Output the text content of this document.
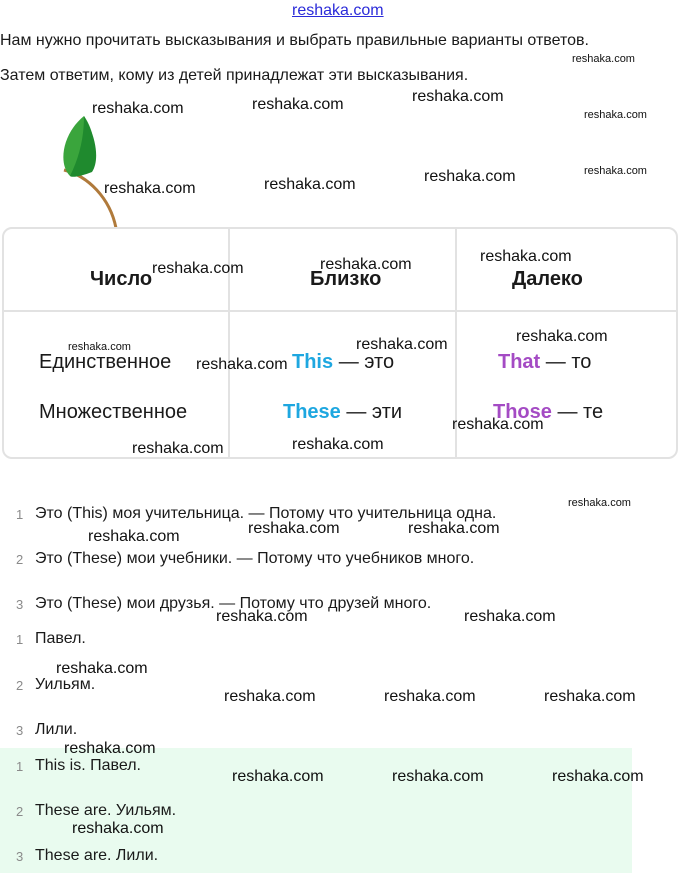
reshaka.com
Нам нужно прочитать высказывания и выбрать правильные варианты ответов.
Затем ответим, кому из детей принадлежат эти высказывания.
Число	Близко	Далеко
Единственное	This — это	That — то
Множественное	These — эти	Those — те
1 Это (This) моя учительница. — Потому что учительница одна.
2 Это (These) мои учебники. — Потому что учебников много.
3 Это (These) мои друзья. — Потому что друзей много.
1 Павел.
2 Уильям.
3 Лили.
1 This is. Павел.
2 These are. Уильям.
3 These are. Лили.
reshaka.com
reshaka.com	reshaka.com	reshaka.com
reshaka.com
reshaka.com	reshaka.com	reshaka.com	reshaka.com
reshaka.com
reshaka.com
reshaka.com
reshaka.com
reshaka.com
reshaka.com
reshaka.com
reshaka.com
reshaka.com
reshaka.com
reshaka.com
reshaka.com
reshaka.com
reshaka.com
reshaka.com
reshaka.com
reshaka.com
reshaka.com
reshaka.com
reshaka.com
reshaka.com
reshaka.com
reshaka.com
reshaka.com
reshaka.com
